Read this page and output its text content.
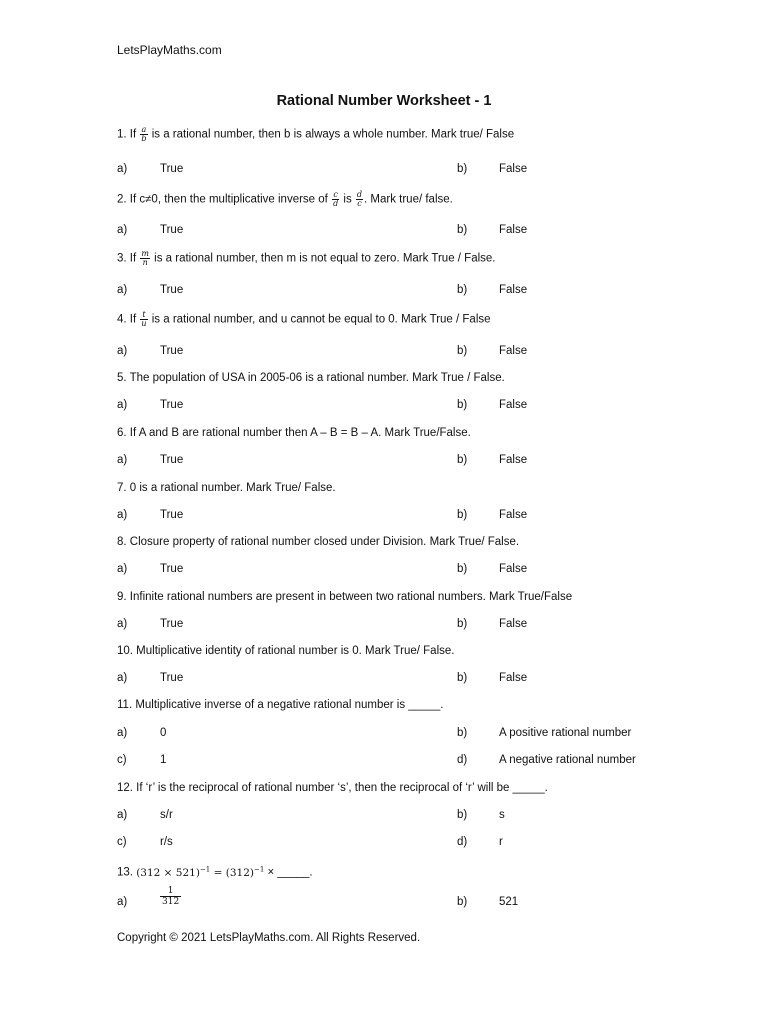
LetsPlayMaths.com
Rational Number Worksheet - 1
1. If $\frac{a}{b}$ is a rational number, then b is always a whole number. Mark true/ False
a)	True	b)	False
2. If c≠0, then the multiplicative inverse of $\frac{c}{d}$ is $\frac{d}{c}$ . Mark true/ false.
a)	True	b)	False
3. If $\frac{m}{n}$ is a rational number, then m is not equal to zero. Mark True / False.
a)	True	b)	False
4. If $\frac{t}{u}$ is a rational number, and u cannot be equal to 0. Mark True / False
a)	True	b)	False
5. The population of USA in 2005-06 is a rational number. Mark True / False.
a)	True	b)	False
6. If A and B are rational number then A – B = B – A. Mark True/False.
a)	True	b)	False
7. 0 is a rational number. Mark True/ False.
a)	True	b)	False
8. Closure property of rational number closed under Division. Mark True/ False.
a)	True	b)	False
9. Infinite rational numbers are present in between two rational numbers. Mark True/False
a)	True	b)	False
10. Multiplicative identity of rational number is 0. Mark True/ False.
a)	True	b)	False
11. Multiplicative inverse of a negative rational number is _____.
a)	0	b)	A positive rational number
c)	1	d)	A negative rational number
12. If ‘r’ is the reciprocal of rational number ‘s’, then the reciprocal of ‘r’ will be _____.
a)	s/r	b)	s
c)	r/s	d)	r
13. $(312 \times 521)^{-1} = (312)^{-1}$ × _____.
a)	$\frac{1}{312}$	b)	521
Copyright © 2021 LetsPlayMaths.com. All Rights Reserved.
